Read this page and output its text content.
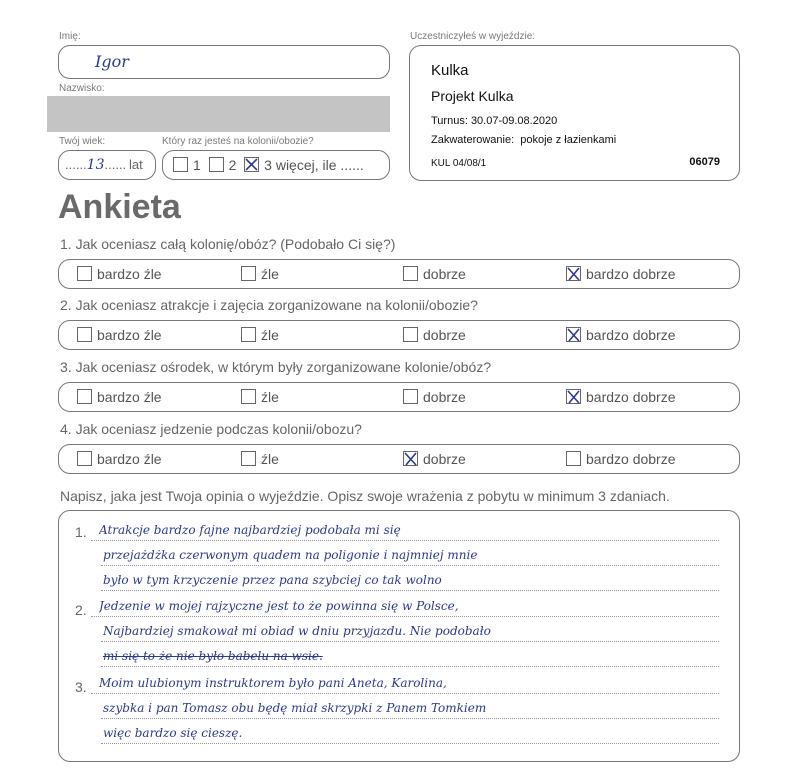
Imię:
Igor
Nazwisko:
Twój wiek:
......13...... lat
Który raz jesteś na kolonii/obozie?
1 2 3 więcej, ile ......
Uczestniczyłeś w wyjeździe:
Kulka
Projekt Kulka
Turnus: 30.07-09.08.2020
Zakwaterowanie:  pokoje z łazienkami
KUL 04/08/1	06079
Ankieta
1. Jak oceniasz całą kolonię/obóz? (Podobało Ci się?)
bardzo źle	źle	dobrze	bardzo dobrze
2. Jak oceniasz atrakcje i zajęcia zorganizowane na kolonii/obozie?
bardzo źle	źle	dobrze	bardzo dobrze
3. Jak oceniasz ośrodek, w którym były zorganizowane kolonie/obóz?
bardzo źle	źle	dobrze	bardzo dobrze
4. Jak oceniasz jedzenie podczas kolonii/obozu?
bardzo źle	źle	dobrze	bardzo dobrze
Napisz, jaka jest Twoja opinia o wyjeździe. Opisz swoje wrażenia z pobytu w minimum 3 zdaniach.
1.
2.
3.
Atrakcje bardzo fajne najbardziej podobała mi się
przejażdżka czerwonym quadem na poligonie i najmniej mnie
było w tym krzyczenie przez pana szybciej co tak wolno
Jedzenie w mojej rajzyczne jest to że powinna się w Polsce,
Najbardziej smakował mi obiad w dniu przyjazdu. Nie podobało
mi się to że nie było babelu na wsie.
Moim ulubionym instruktorem było pani Aneta, Karolina,
szybka i pan Tomasz obu będę miał skrzypki z Panem Tomkiem
więc bardzo się cieszę.
